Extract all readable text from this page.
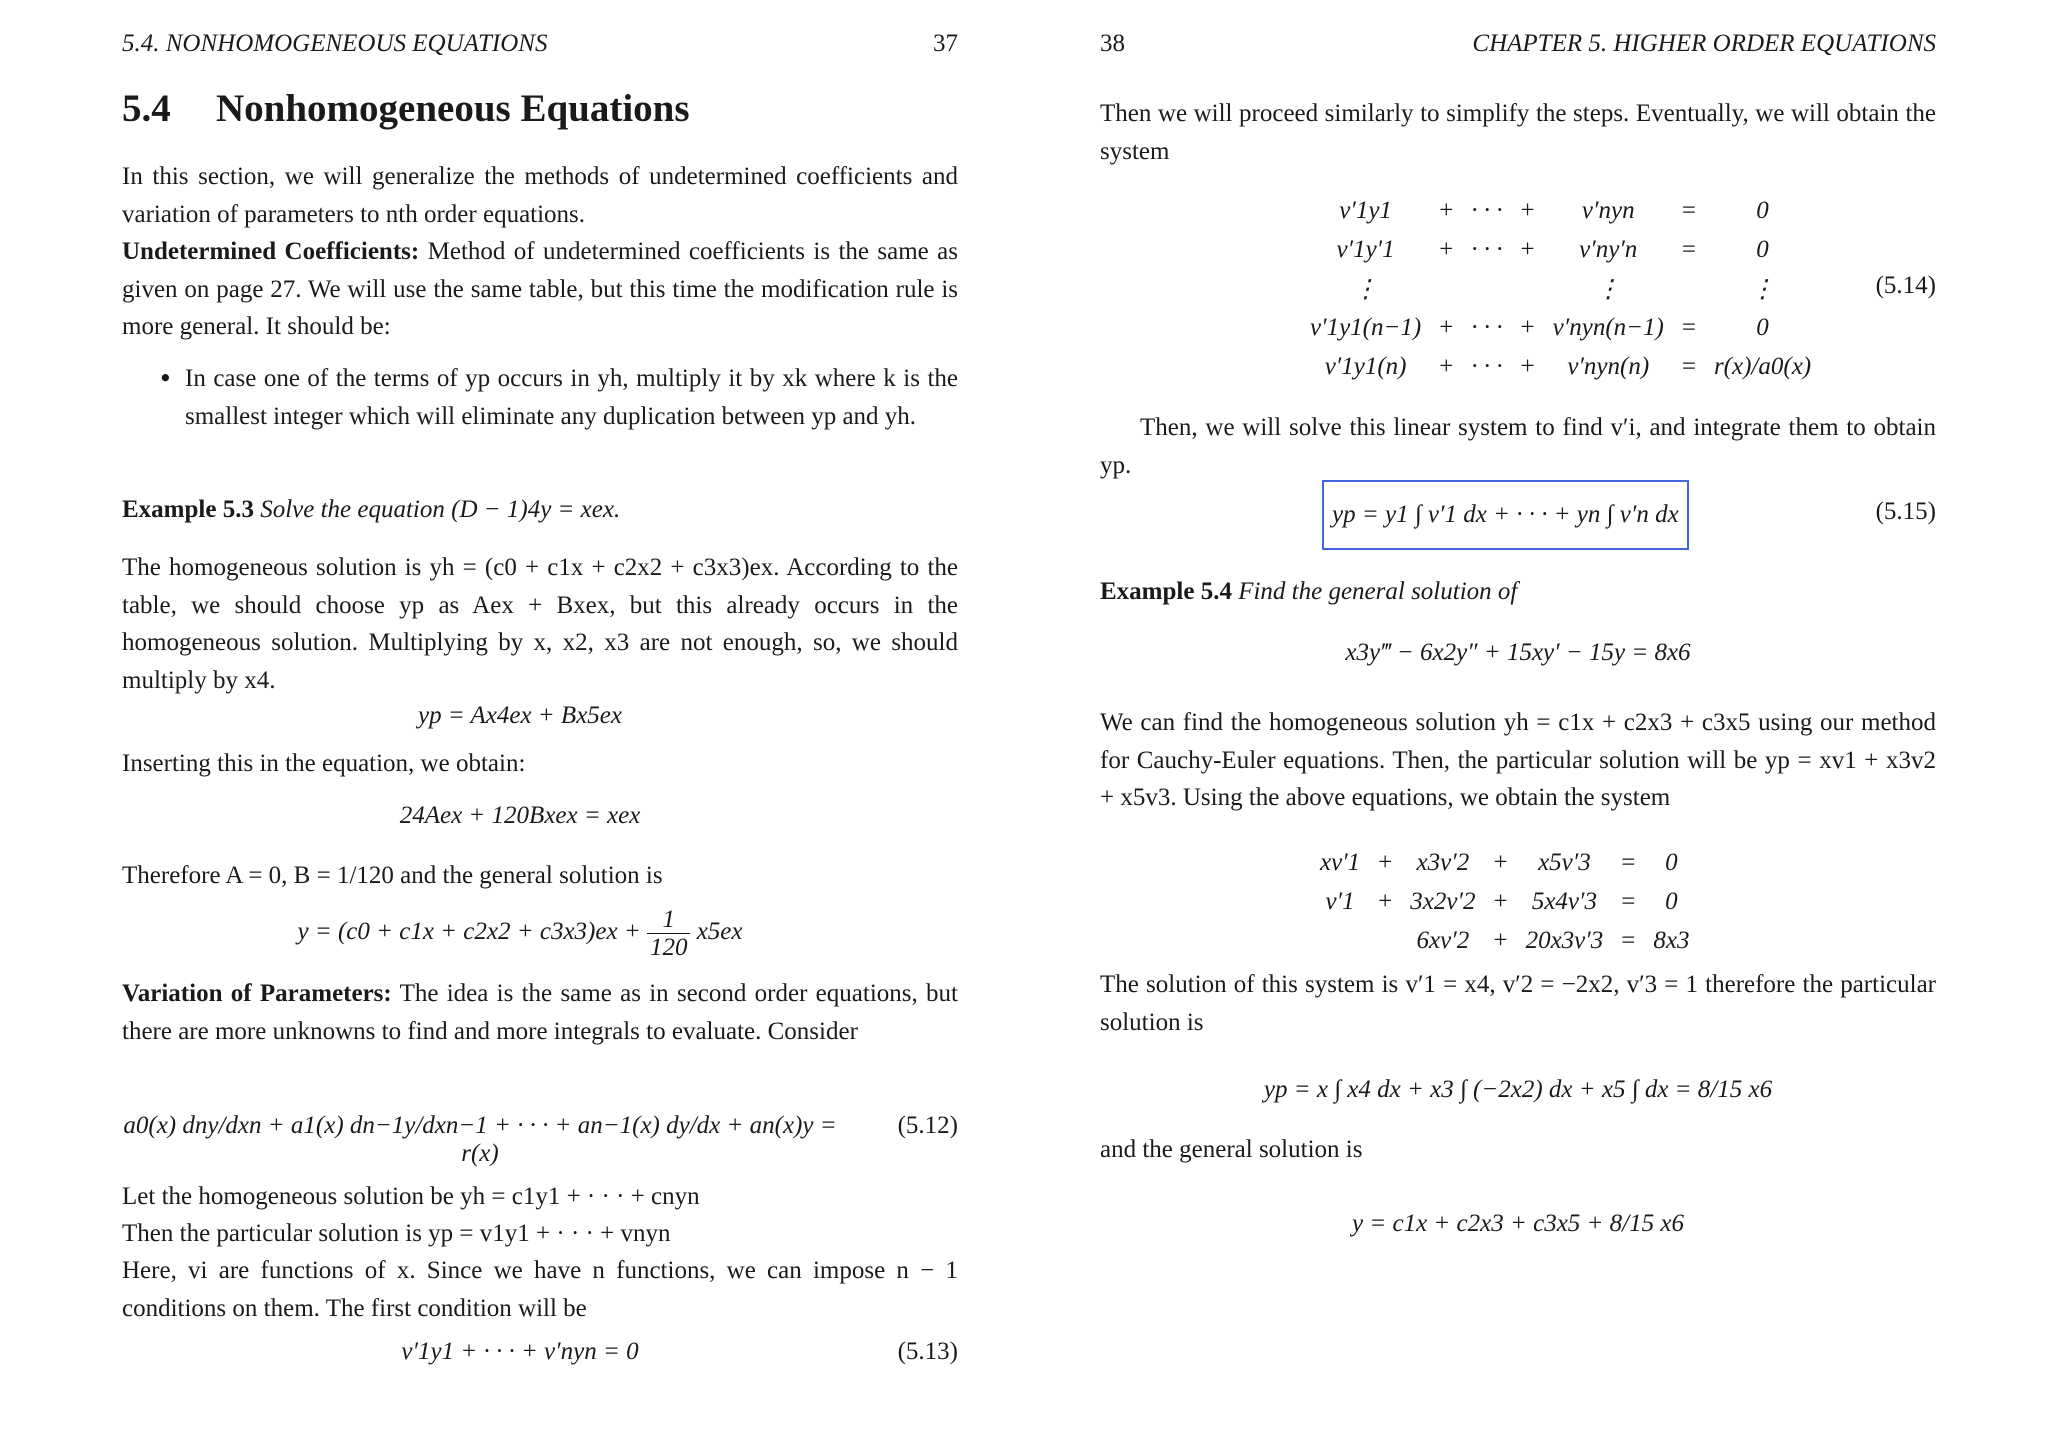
5.4. NONHOMOGENEOUS EQUATIONS	37
5.4 Nonhomogeneous Equations
In this section, we will generalize the methods of undetermined coefficients and variation of parameters to nth order equations.
Undetermined Coefficients: Method of undetermined coefficients is the same as given on page 27. We will use the same table, but this time the modification rule is more general. It should be:
• In case one of the terms of yp occurs in yh, multiply it by xk where k is the smallest integer which will eliminate any duplication between yp and yh.
Example 5.3 Solve the equation (D − 1)4y = xex.
The homogeneous solution is yh = (c0 + c1x + c2x2 + c3x3)ex. According to the table, we should choose yp as Aex + Bxex, but this already occurs in the homogeneous solution. Multiplying by x, x2, x3 are not enough, so, we should multiply by x4.
yp = Ax4ex + Bx5ex
Inserting this in the equation, we obtain:
24Aex + 120Bxex = xex
Therefore A = 0, B = 1/120 and the general solution is
$y = (c0 + c1x + c2x2 + c3x3)ex + \frac{1}{120} x5ex$
Variation of Parameters: The idea is the same as in second order equations, but there are more unknowns to find and more integrals to evaluate. Consider
a0(x) dny/dxn + a1(x) dn−1y/dxn−1 + · · · + an−1(x) dy/dx + an(x)y = r(x)
(5.12)
Let the homogeneous solution be yh = c1y1 + · · · + cnyn
Then the particular solution is yp = v1y1 + · · · + vnyn
Here, vi are functions of x. Since we have n functions, we can impose n − 1 conditions on them. The first condition will be
v′1y1 + · · · + v′nyn = 0	(5.13)
38	CHAPTER 5. HIGHER ORDER EQUATIONS
Then we will proceed similarly to simplify the steps. Eventually, we will obtain the system
v′1y1	+	· · ·	+	v′nyn	=	0
v′1y′1	+	· · ·	+	v′ny′n	=	0
⋮				⋮		⋮
v′1y1(n−1)	+	· · ·	+	v′nyn(n−1)	=	0
v′1y1(n)	+	· · ·	+	v′nyn(n)	=	r(x)/a0(x)
(5.14)
Then, we will solve this linear system to find v′i, and integrate them to obtain yp.
yp = y1 ∫ v′1 dx + · · · + yn ∫ v′n dx	(5.15)
Example 5.4 Find the general solution of
x3y‴ − 6x2y″ + 15xy′ − 15y = 8x6
We can find the homogeneous solution yh = c1x + c2x3 + c3x5 using our method for Cauchy-Euler equations. Then, the particular solution will be yp = xv1 + x3v2 + x5v3. Using the above equations, we obtain the system
xv′1	+	x3v′2	+	x5v′3	=	0
v′1	+	3x2v′2	+	5x4v′3	=	0
		6xv′2	+	20x3v′3	=	8x3
The solution of this system is v′1 = x4, v′2 = −2x2, v′3 = 1 therefore the particular solution is
yp = x ∫ x4 dx + x3 ∫ (−2x2) dx + x5 ∫ dx = 8/15 x6
and the general solution is
y = c1x + c2x3 + c3x5 + 8/15 x6
